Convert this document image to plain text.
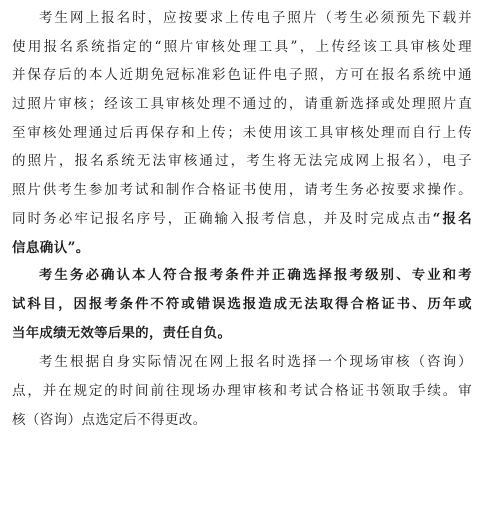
考生网上报名时，应按要求上传电子照片（考生必须预先下载并
使用报名系统指定的“照片审核处理工具”，上传经该工具审核处理
并保存后的本人近期免冠标准彩色证件电子照，方可在报名系统中通
过照片审核；经该工具审核处理不通过的，请重新选择或处理照片直
至审核处理通过后再保存和上传；未使用该工具审核处理而自行上传
的照片，报名系统无法审核通过，考生将无法完成网上报名），电子
照片供考生参加考试和制作合格证书使用，请考生务必按要求操作。
同时务必牢记报名序号，正确输入报考信息，并及时完成点击“报名
信息确认”。
考生务必确认本人符合报考条件并正确选择报考级别、专业和考
试科目，因报考条件不符或错误选报造成无法取得合格证书、历年或
当年成绩无效等后果的，责任自负。
考生根据自身实际情况在网上报名时选择一个现场审核（咨询）
点，并在规定的时间前往现场办理审核和考试合格证书领取手续。审
核（咨询）点选定后不得更改。
